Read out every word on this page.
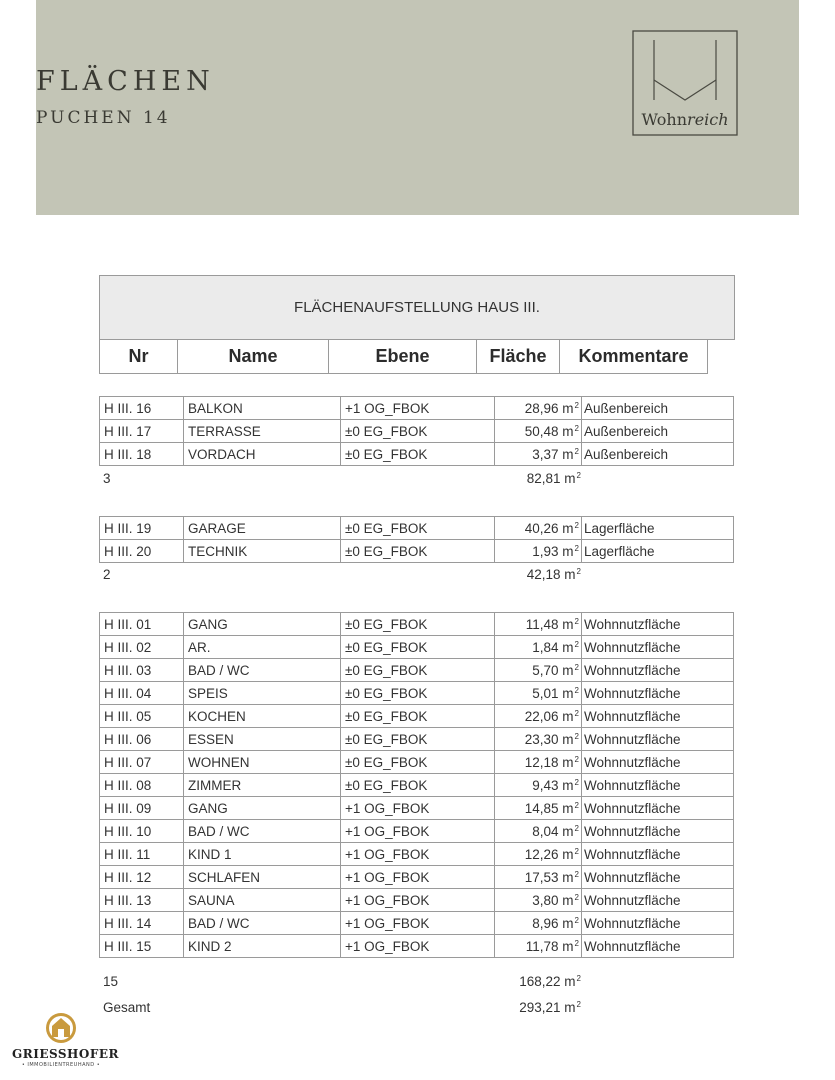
FLÄCHEN
PUCHEN 14	Wohnreich
FLÄCHENAUFSTELLUNG HAUS III.
Nr	Name	Ebene	Fläche	Kommentare
H III. 16	BALKON	+1 OG_FBOK	28,96 $m^2$	Außenbereich
H III. 17	TERRASSE	±0 EG_FBOK	50,48 $m^2$	Außenbereich
H III. 18	VORDACH	±0 EG_FBOK	3,37 $m^2$	Außenbereich
3	82,81 $m^2$
H III. 19	GARAGE	±0 EG_FBOK	40,26 $m^2$	Lagerfläche
H III. 20	TECHNIK	±0 EG_FBOK	1,93 $m^2$	Lagerfläche
2	42,18 $m^2$
H III. 01	GANG	±0 EG_FBOK	11,48 $m^2$	Wohnnutzfläche
H III. 02	AR.	±0 EG_FBOK	1,84 $m^2$	Wohnnutzfläche
H III. 03	BAD / WC	±0 EG_FBOK	5,70 $m^2$	Wohnnutzfläche
H III. 04	SPEIS	±0 EG_FBOK	5,01 $m^2$	Wohnnutzfläche
H III. 05	KOCHEN	±0 EG_FBOK	22,06 $m^2$	Wohnnutzfläche
H III. 06	ESSEN	±0 EG_FBOK	23,30 $m^2$	Wohnnutzfläche
H III. 07	WOHNEN	±0 EG_FBOK	12,18 $m^2$	Wohnnutzfläche
H III. 08	ZIMMER	±0 EG_FBOK	9,43 $m^2$	Wohnnutzfläche
H III. 09	GANG	+1 OG_FBOK	14,85 $m^2$	Wohnnutzfläche
H III. 10	BAD / WC	+1 OG_FBOK	8,04 $m^2$	Wohnnutzfläche
H III. 11	KIND 1	+1 OG_FBOK	12,26 $m^2$	Wohnnutzfläche
H III. 12	SCHLAFEN	+1 OG_FBOK	17,53 $m^2$	Wohnnutzfläche
H III. 13	SAUNA	+1 OG_FBOK	3,80 $m^2$	Wohnnutzfläche
H III. 14	BAD / WC	+1 OG_FBOK	8,96 $m^2$	Wohnnutzfläche
H III. 15	KIND 2	+1 OG_FBOK	11,78 $m^2$	Wohnnutzfläche
15	168,22 $m^2$
Gesamt	293,21 $m^2$
GRIESSHOFER
• IMMOBILIENTREUHAND •
